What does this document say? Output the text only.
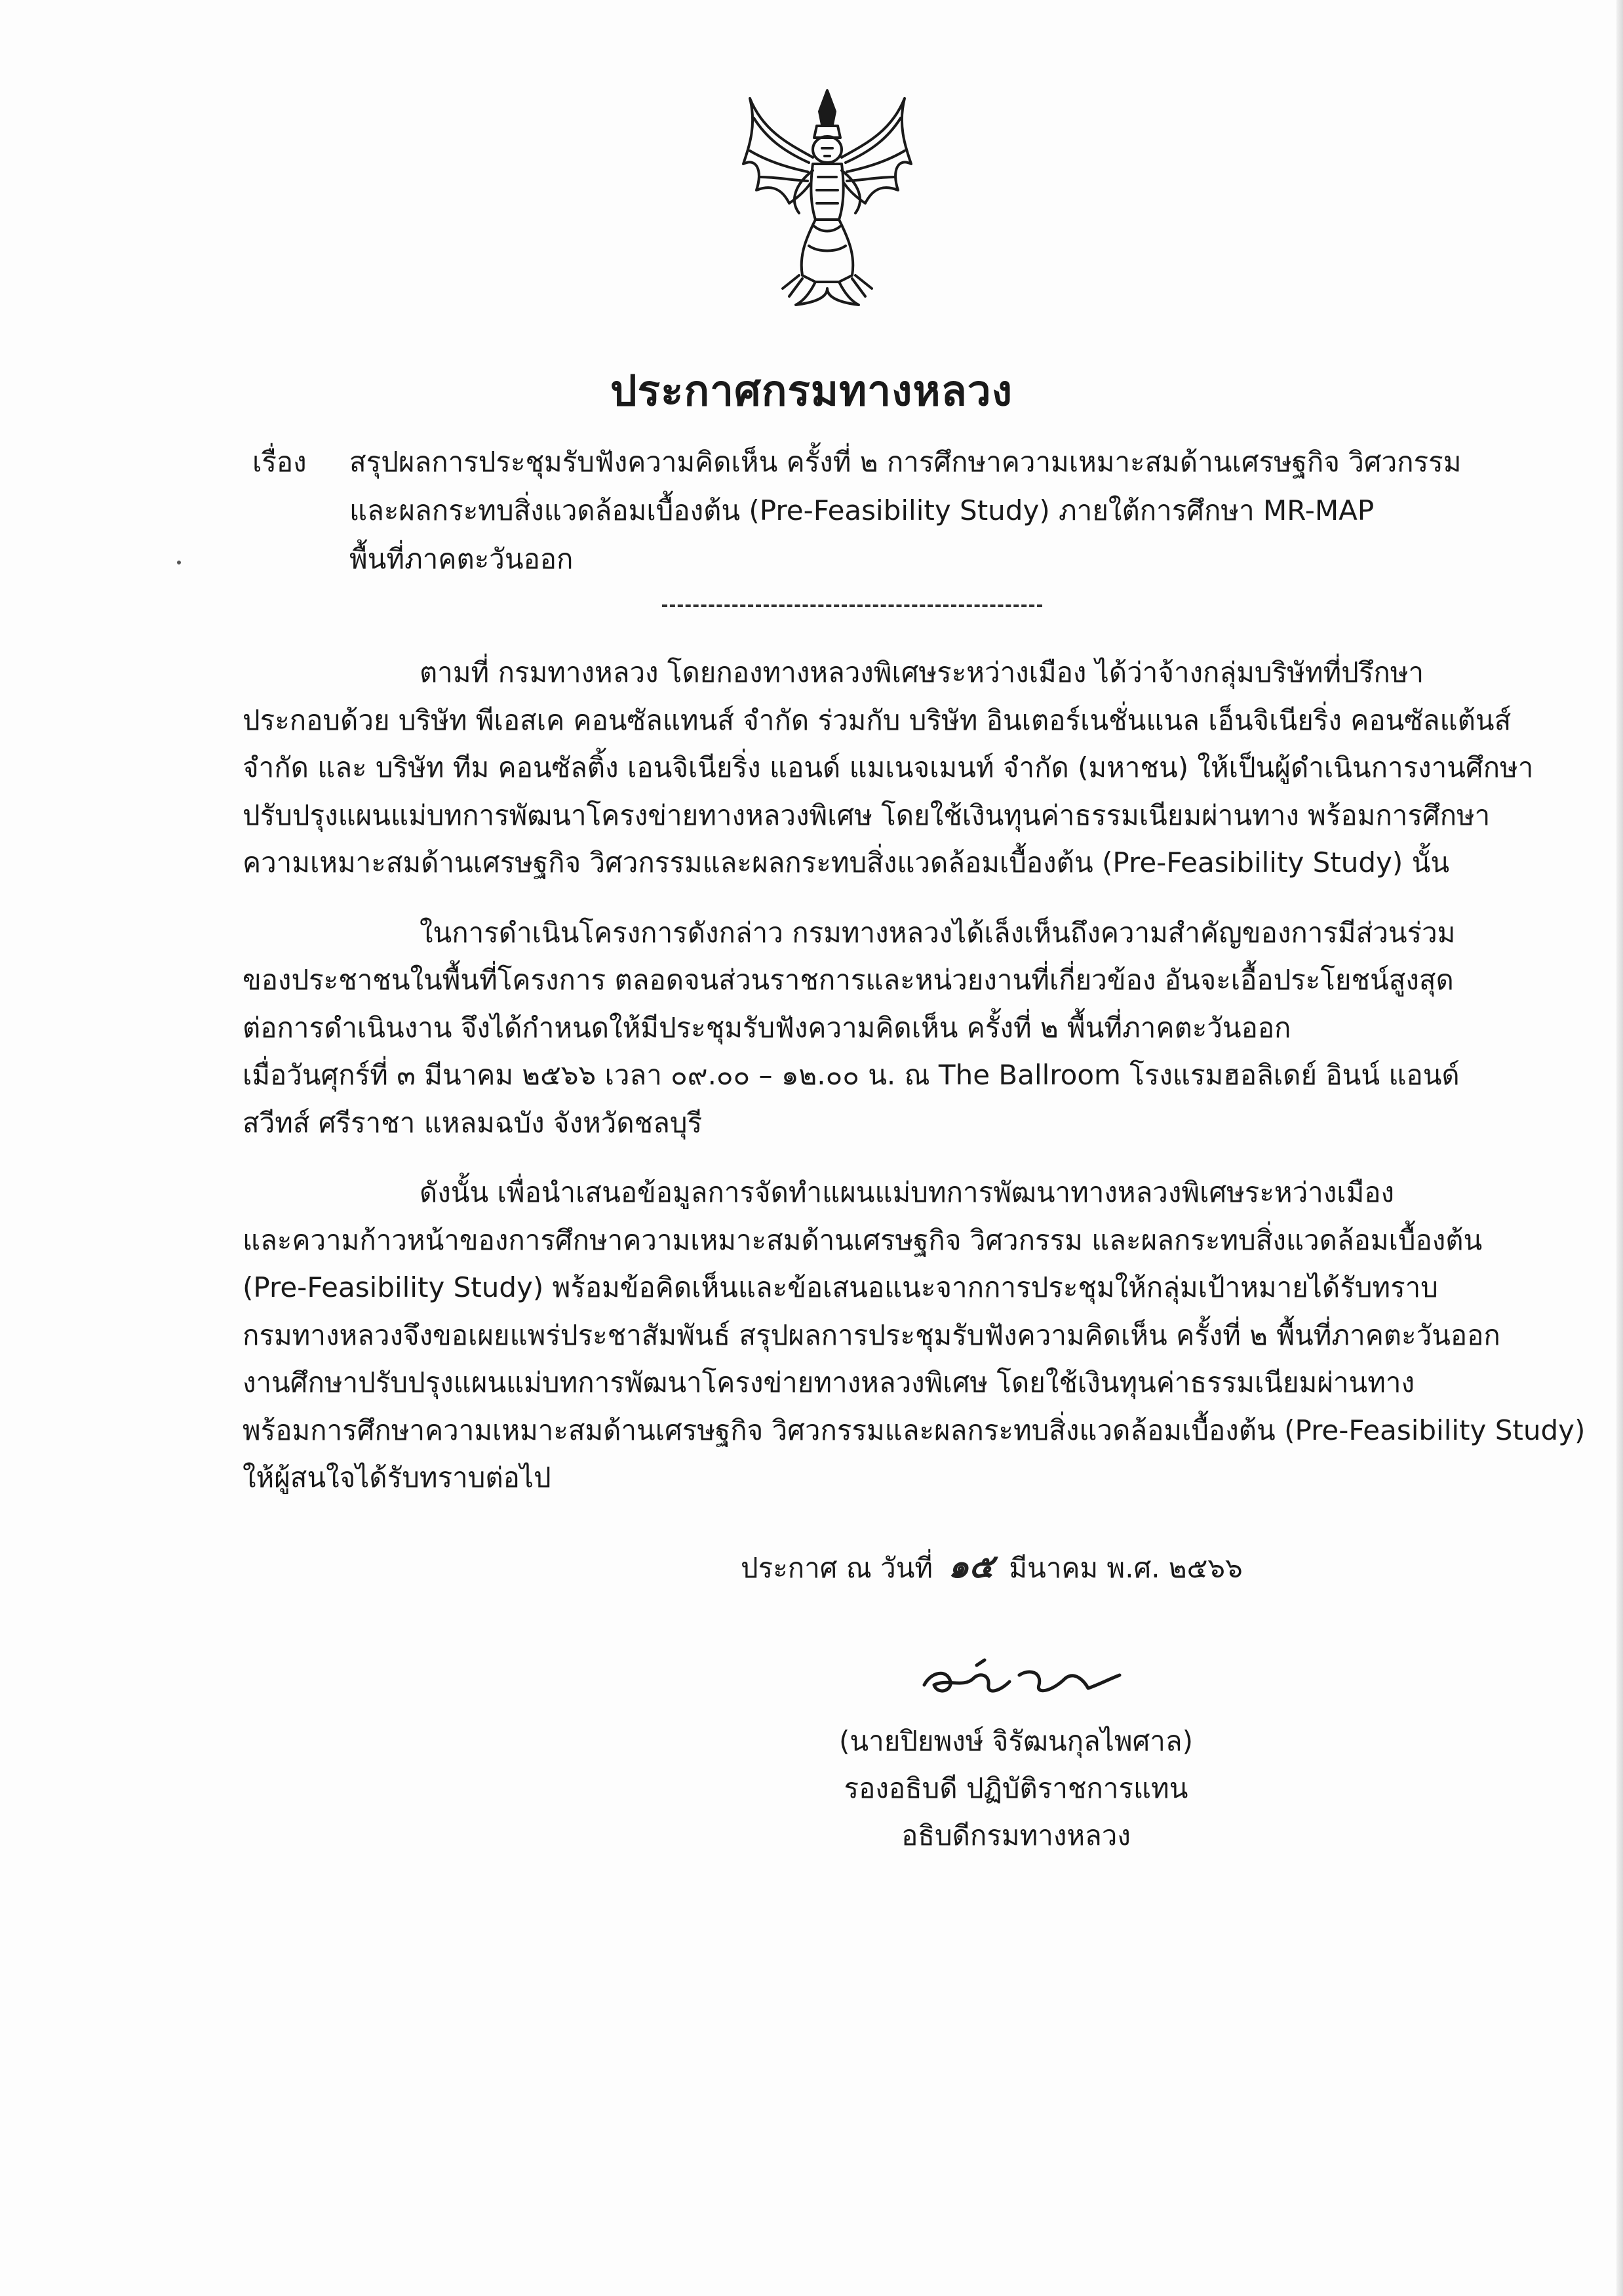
ประกาศกรมทางหลวง
เรื่อง สรุปผลการประชุมรับฟังความคิดเห็น ครั้งที่ ๒ การศึกษาความเหมาะสมด้านเศรษฐกิจ วิศวกรรม
และผลกระทบสิ่งแวดล้อมเบื้องต้น (Pre-Feasibility Study) ภายใต้การศึกษา MR-MAP
พื้นที่ภาคตะวันออก
ตามที่ กรมทางหลวง โดยกองทางหลวงพิเศษระหว่างเมือง ได้ว่าจ้างกลุ่มบริษัทที่ปรึกษา
ประกอบด้วย บริษัท พีเอสเค คอนซัลแทนส์ จำกัด ร่วมกับ บริษัท อินเตอร์เนชั่นแนล เอ็นจิเนียริ่ง คอนซัลแต้นส์
จำกัด และ บริษัท ทีม คอนซัลติ้ง เอนจิเนียริ่ง แอนด์ แมเนจเมนท์ จำกัด (มหาชน) ให้เป็นผู้ดำเนินการงานศึกษา
ปรับปรุงแผนแม่บทการพัฒนาโครงข่ายทางหลวงพิเศษ โดยใช้เงินทุนค่าธรรมเนียมผ่านทาง พร้อมการศึกษา
ความเหมาะสมด้านเศรษฐกิจ วิศวกรรมและผลกระทบสิ่งแวดล้อมเบื้องต้น (Pre-Feasibility Study) นั้น
ในการดำเนินโครงการดังกล่าว กรมทางหลวงได้เล็งเห็นถึงความสำคัญของการมีส่วนร่วม
ของประชาชนในพื้นที่โครงการ ตลอดจนส่วนราชการและหน่วยงานที่เกี่ยวข้อง อันจะเอื้อประโยชน์สูงสุด
ต่อการดำเนินงาน จึงได้กำหนดให้มีประชุมรับฟังความคิดเห็น ครั้งที่ ๒ พื้นที่ภาคตะวันออก
เมื่อวันศุกร์ที่ ๓ มีนาคม ๒๕๖๖ เวลา ๐๙.๐๐ – ๑๒.๐๐ น. ณ The Ballroom โรงแรมฮอลิเดย์ อินน์ แอนด์
สวีทส์ ศรีราชา แหลมฉบัง จังหวัดชลบุรี
ดังนั้น เพื่อนำเสนอข้อมูลการจัดทำแผนแม่บทการพัฒนาทางหลวงพิเศษระหว่างเมือง
และความก้าวหน้าของการศึกษาความเหมาะสมด้านเศรษฐกิจ วิศวกรรม และผลกระทบสิ่งแวดล้อมเบื้องต้น
(Pre-Feasibility Study) พร้อมข้อคิดเห็นและข้อเสนอแนะจากการประชุมให้กลุ่มเป้าหมายได้รับทราบ
กรมทางหลวงจึงขอเผยแพร่ประชาสัมพันธ์ สรุปผลการประชุมรับฟังความคิดเห็น ครั้งที่ ๒ พื้นที่ภาคตะวันออก
งานศึกษาปรับปรุงแผนแม่บทการพัฒนาโครงข่ายทางหลวงพิเศษ โดยใช้เงินทุนค่าธรรมเนียมผ่านทาง
พร้อมการศึกษาความเหมาะสมด้านเศรษฐกิจ วิศวกรรมและผลกระทบสิ่งแวดล้อมเบื้องต้น (Pre-Feasibility Study)
ให้ผู้สนใจได้รับทราบต่อไป
ประกาศ ณ วันที่ ๑๕ มีนาคม พ.ศ. ๒๕๖๖
(นายปิยพงษ์ จิรัฒนกุลไพศาล)
รองอธิบดี ปฏิบัติราชการแทน
อธิบดีกรมทางหลวง
